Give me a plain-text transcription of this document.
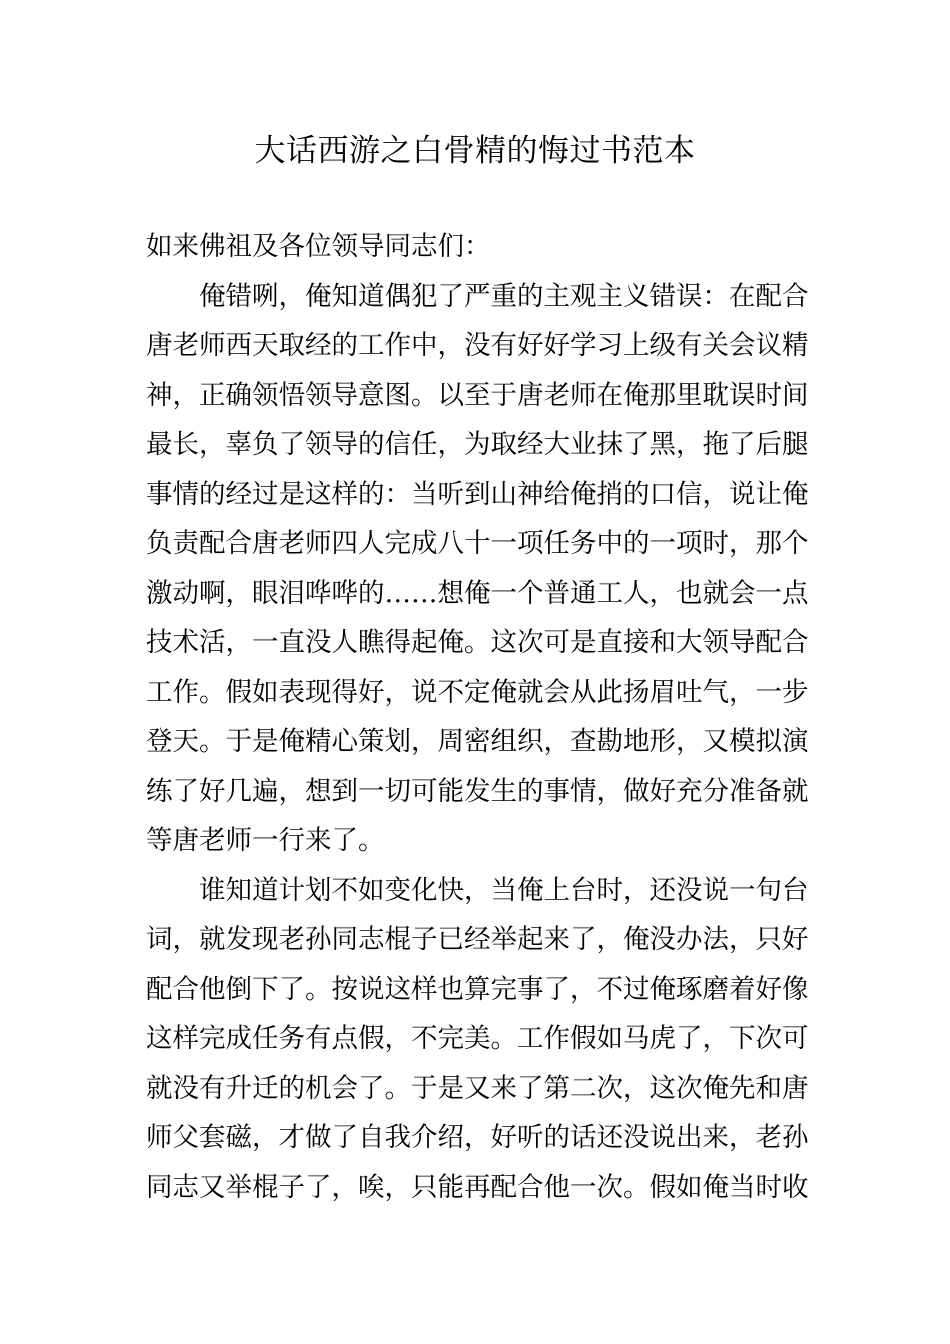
大话西游之白骨精的悔过书范本

如来佛祖及各位领导同志们：

俺错咧，俺知道偶犯了严重的主观主义错误：在配合
唐老师西天取经的工作中，没有好好学习上级有关会议精
神，正确领悟领导意图。以至于唐老师在俺那里耽误时间
最长，辜负了领导的信任，为取经大业抹了黑，拖了后腿
事情的经过是这样的：当听到山神给俺捎的口信，说让俺
负责配合唐老师四人完成八十一项任务中的一项时，那个
激动啊，眼泪哗哗的……想俺一个普通工人，也就会一点
技术活，一直没人瞧得起俺。这次可是直接和大领导配合
工作。假如表现得好，说不定俺就会从此扬眉吐气，一步
登天。于是俺精心策划，周密组织，查勘地形，又模拟演
练了好几遍，想到一切可能发生的事情，做好充分准备就
等唐老师一行来了。
谁知道计划不如变化快，当俺上台时，还没说一句台
词，就发现老孙同志棍子已经举起来了，俺没办法，只好
配合他倒下了。按说这样也算完事了，不过俺琢磨着好像
这样完成任务有点假，不完美。工作假如马虎了，下次可
就没有升迁的机会了。于是又来了第二次，这次俺先和唐
师父套磁，才做了自我介绍，好听的话还没说出来，老孙
同志又举棍子了，唉，只能再配合他一次。假如俺当时收
